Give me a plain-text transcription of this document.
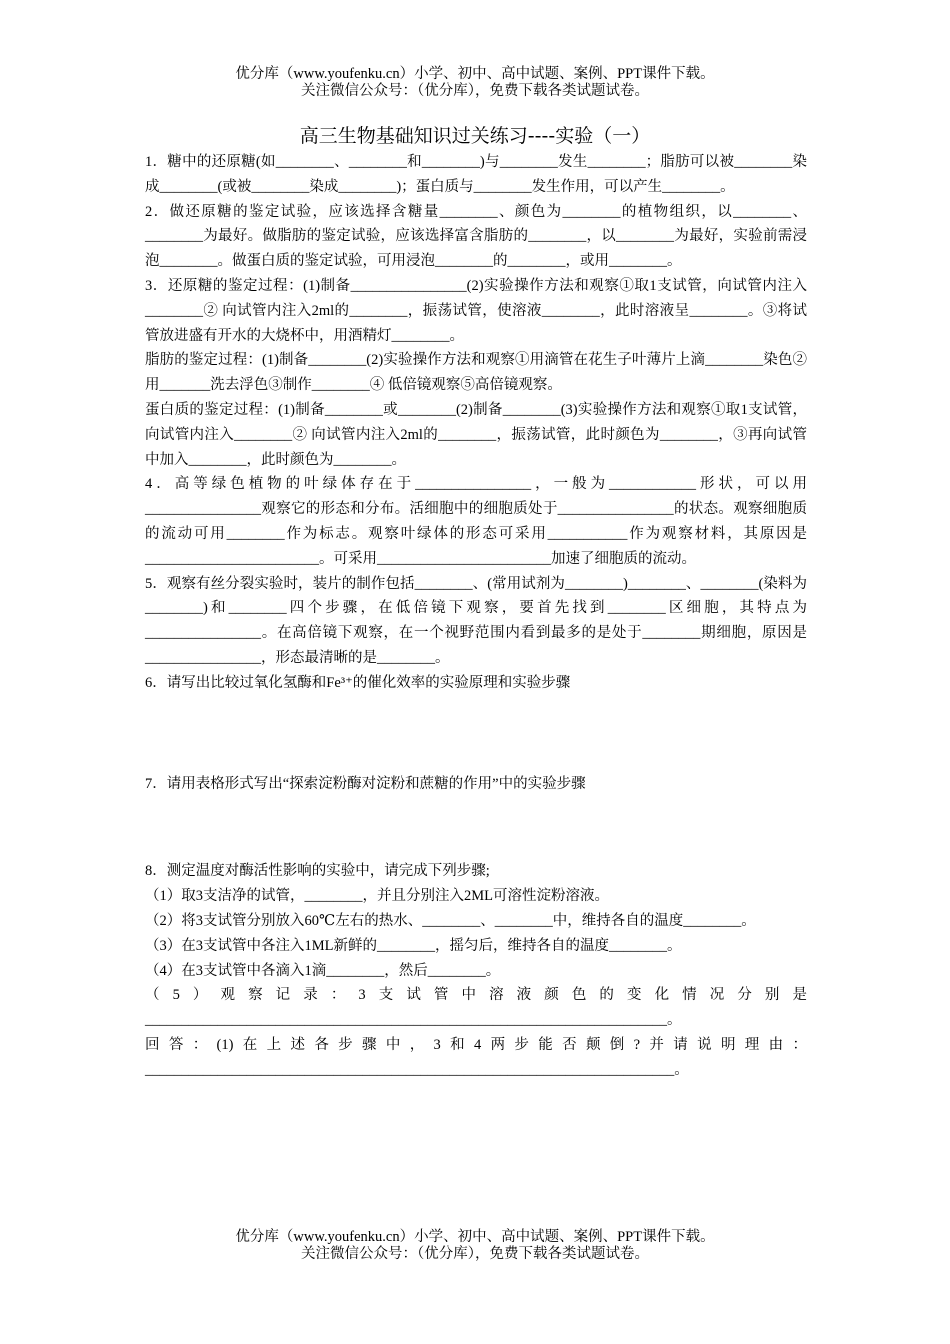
优分库（www.youfenku.cn）小学、初中、高中试题、案例、PPT课件下载。
关注微信公众号：（优分库），免费下载各类试题试卷。
高三生物基础知识过关练习----实验（一）

1．糖中的还原糖(如________、________和________)与________发生________；脂肪可以被________染成________(或被________染成________)；蛋白质与________发生作用，可以产生________。

2．做还原糖的鉴定试验，应该选择含糖量________、颜色为________的植物组织，以________、________为最好。做脂肪的鉴定试验，应该选择富含脂肪的________，以________为最好，实验前需浸泡________。做蛋白质的鉴定试验，可用浸泡________的________，或用________。

3．还原糖的鉴定过程：(1)制备________________(2)实验操作方法和观察①取1支试管，向试管内注入________② 向试管内注入2ml的________，振荡试管，使溶液________，此时溶液呈________。③将试管放进盛有开水的大烧杯中，用酒精灯________。

脂肪的鉴定过程：(1)制备________(2)实验操作方法和观察①用滴管在花生子叶薄片上滴________染色②用_______洗去浮色③制作________④ 低倍镜观察⑤高倍镜观察。

蛋白质的鉴定过程：(1)制备________或________(2)制备________(3)实验操作方法和观察①取1支试管，向试管内注入________② 向试管内注入2ml的________，振荡试管，此时颜色为________，③再向试管中加入________，此时颜色为________。

4．高等绿色植物的叶绿体存在于________________，一般为____________形状，可以用________________观察它的形态和分布。活细胞中的细胞质处于________________的状态。观察细胞质的流动可用________作为标志。观察叶绿体的形态可采用___________作为观察材料，其原因是________________________。可采用________________________加速了细胞质的流动。

5．观察有丝分裂实验时，装片的制作包括________、(常用试剂为________)________、________(染料为________)和________四个步骤，在低倍镜下观察，要首先找到________区细胞，其特点为________________。在高倍镜下观察，在一个视野范围内看到最多的是处于________期细胞，原因是________________，形态最清晰的是________。

6．请写出比较过氧化氢酶和Fe³⁺的催化效率的实验原理和实验步骤

7．请用表格形式写出“探索淀粉酶对淀粉和蔗糖的作用”中的实验步骤

8．测定温度对酶活性影响的实验中，请完成下列步骤;

（1）取3支洁净的试管，________，并且分别注入2ML可溶性淀粉溶液。

（2）将3支试管分别放入60℃左右的热水、________、________中，维持各自的温度________。

（3）在3支试管中各注入1ML新鲜的________，摇匀后，维持各自的温度________。

（4）在3支试管中各滴入1滴________，然后________。

（5）观察记录：3支试管中溶液颜色的变化情况分别是________________________________________________________________________。

回答：(1)在上述各步骤中，3和4两步能否颠倒?并请说明理由：_________________________________________________________________________。

优分库（www.youfenku.cn）小学、初中、高中试题、案例、PPT课件下载。
关注微信公众号：（优分库），免费下载各类试题试卷。
